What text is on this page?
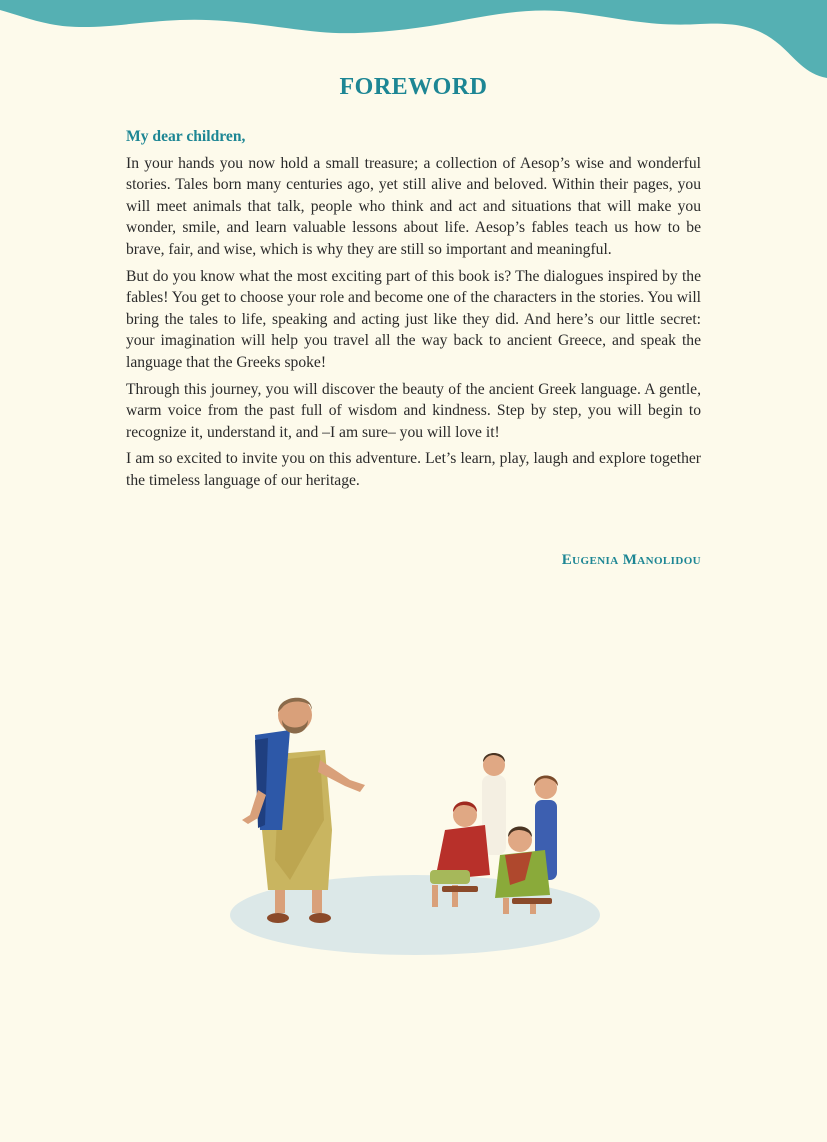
FOREWORD

My dear children,

In your hands you now hold a small treasure; a collection of Aesop’s wise and wonderful stories. Tales born many centuries ago, yet still alive and beloved. Within their pages, you will meet animals that talk, people who think and act and situations that will make you wonder, smile, and learn valuable lessons about life. Aesop’s fables teach us how to be brave, fair, and wise, which is why they are still so important and meaningful.

But do you know what the most exciting part of this book is? The dialogues inspired by the fables! You get to choose your role and become one of the characters in the stories. You will bring the tales to life, speaking and acting just like they did. And here’s our little secret: your imagination will help you travel all the way back to ancient Greece, and speak the language that the Greeks spoke!

Through this journey, you will discover the beauty of the ancient Greek language. A gentle, warm voice from the past full of wisdom and kindness. Step by step, you will begin to recognize it, understand it, and –I am sure– you will love it!

I am so excited to invite you on this adventure. Let’s learn, play, laugh and explore together the timeless language of our heritage.

Eugenia Manolidou
